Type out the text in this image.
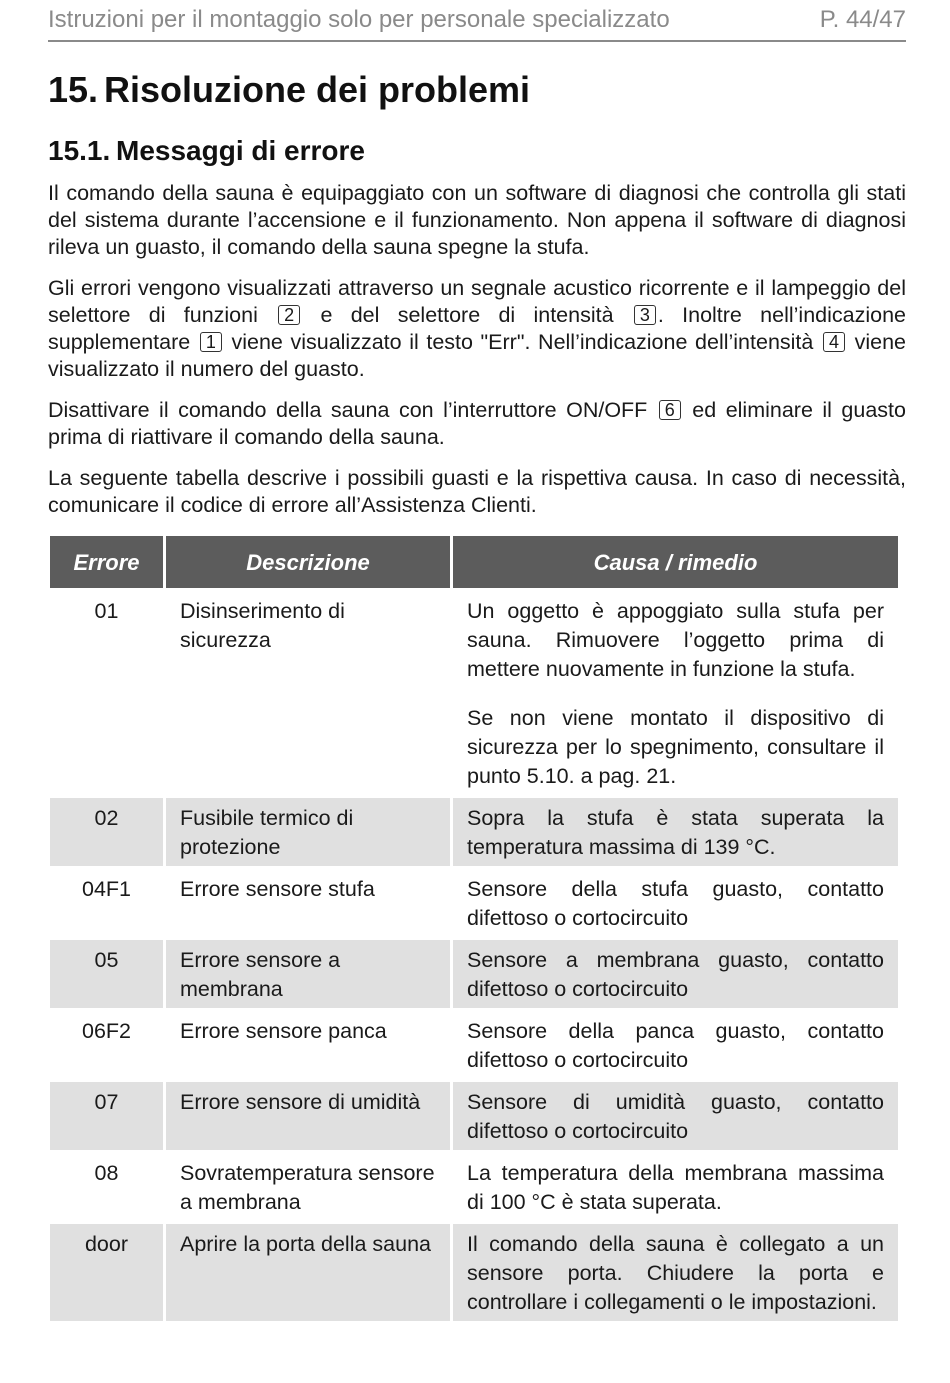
Istruzioni per il montaggio solo per personale specializzato	P. 44/47
15. Risoluzione dei problemi
15.1. Messaggi di errore

Il comando della sauna è equipaggiato con un software di diagnosi che controlla gli stati del sistema durante l’accensione e il funzionamento. Non appena il software di diagnosi rileva un guasto, il comando della sauna spegne la stufa.

Gli errori vengono visualizzati attraverso un segnale acustico ricorrente e il lampeggio del selettore di funzioni 2 e del selettore di intensità 3 . Inoltre nell’indicazione supplementare 1 viene visualizzato il testo "Err". Nell’indicazione dell’intensità 4 viene visualizzato il numero del guasto.

Disattivare il comando della sauna con l’interruttore ON/OFF 6 ed eliminare il guasto prima di riattivare il comando della sauna.

La seguente tabella descrive i possibili guasti e la rispettiva causa. In caso di necessità, comunicare il codice di errore all’Assistenza Clienti.

Errore	Descrizione	Causa / rimedio
01	Disinserimento di sicurezza	Un oggetto è appoggiato sulla stufa per sauna. Rimuovere l’oggetto prima di mettere nuovamente in funzione la stufa.
Se non viene montato il dispositivo di sicurezza per lo spegnimento, consultare il punto 5.10. a pag. 21.

02	Fusibile termico di protezione	Sopra la stufa è stata superata la temperatura massima di 139 °C.
04F1	Errore sensore stufa	Sensore della stufa guasto, contatto difettoso o cortocircuito
05	Errore sensore a membrana	Sensore a membrana guasto, contatto difettoso o cortocircuito
06F2	Errore sensore panca	Sensore della panca guasto, contatto difettoso o cortocircuito
07	Errore sensore di umidità	Sensore di umidità guasto, contatto difettoso o cortocircuito
08	Sovratemperatura sensore a membrana	La temperatura della membrana massima di 100 °C è stata superata.
door	Aprire la porta della sauna	Il comando della sauna è collegato a un sensore porta. Chiudere la porta e controllare i collegamenti o le impostazioni.
